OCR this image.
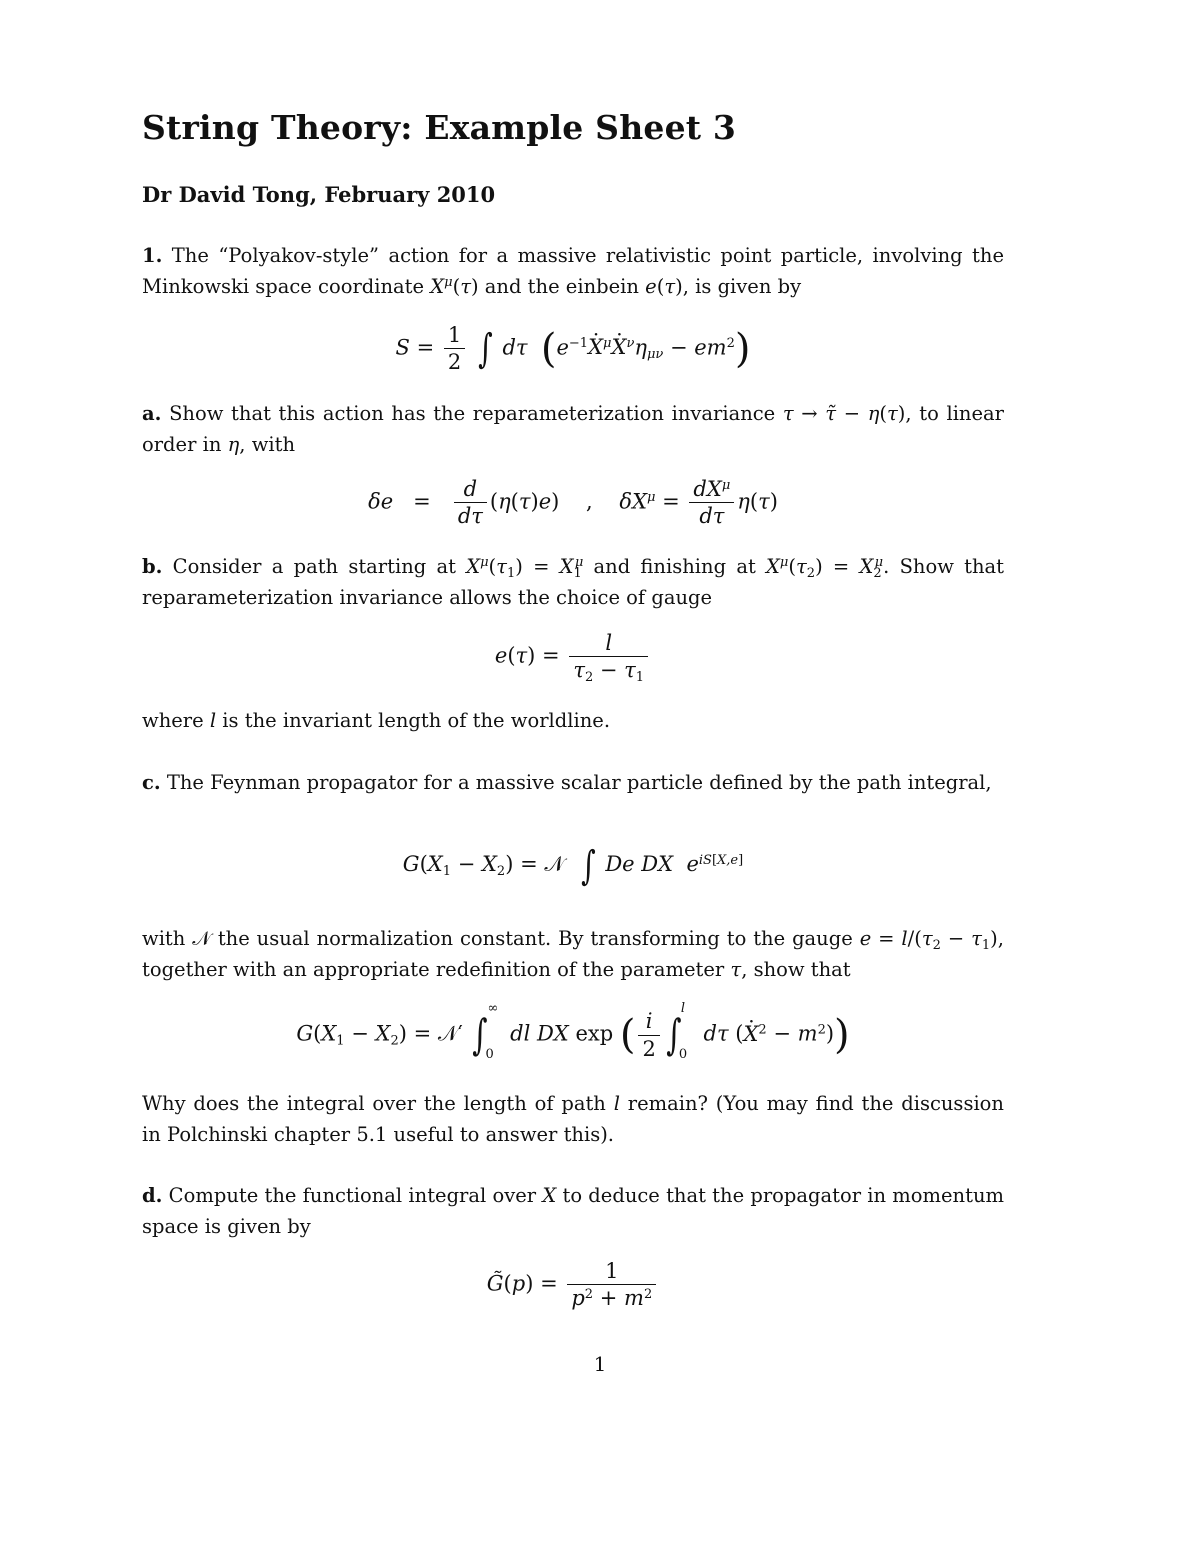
String Theory: Example Sheet 3
Dr David Tong, February 2010
1. The “Polyakov-style” action for a massive relativistic point particle, involving the Minkowski space coordinate $X^\mu(\tau)$ and the einbein e(τ), is given by
$S = \frac{1}{2}$ ∫ dτ $(e^{-1}X \cdot^\mu X \cdot^\nu\eta_{\mu\nu} - em^2)$
a. Show that this action has the reparameterization invariance τ → τ̃ − η(τ), to linear order in η, with
$\delta e = \frac{d}{d\tau} (\eta(\tau)e)$    ,    $\delta X^\mu = \frac{dX^\mu}{d\tau} \eta(\tau)$
b. Consider a path starting at $X^\mu(\tau_1) = X_1^\mu$ and finishing at $X^\mu(\tau_2) = X_2^\mu$. Show that reparameterization invariance allows the choice of gauge
$e(\tau) = \frac{l}{\tau_2 - \tau_1}$
where l is the invariant length of the worldline.
c. The Feynman propagator for a massive scalar particle defined by the path integral,
$G(X_1 - X_2)$ = 𝒩  ∫ De DX $e^{iS[X,e]}$
with 𝒩 the usual normalization constant. By transforming to the gauge $e = l/(\tau_2 - \tau_1)$, together with an appropriate redefinition of the parameter τ, show that
$G(X_1 - X_2)$ = 𝒩′ ∫
∞
0
dl DX exp ( $\frac{i}{2}$ ∫
l
0
dτ $(X \cdot^2 - m^2)$)
Why does the integral over the length of path l remain? (You may find the discussion in Polchinski chapter 5.1 useful to answer this).
d. Compute the functional integral over X to deduce that the propagator in momentum space is given by
G̃(p) = $\frac{1}{p^2 + m^2}$
1
